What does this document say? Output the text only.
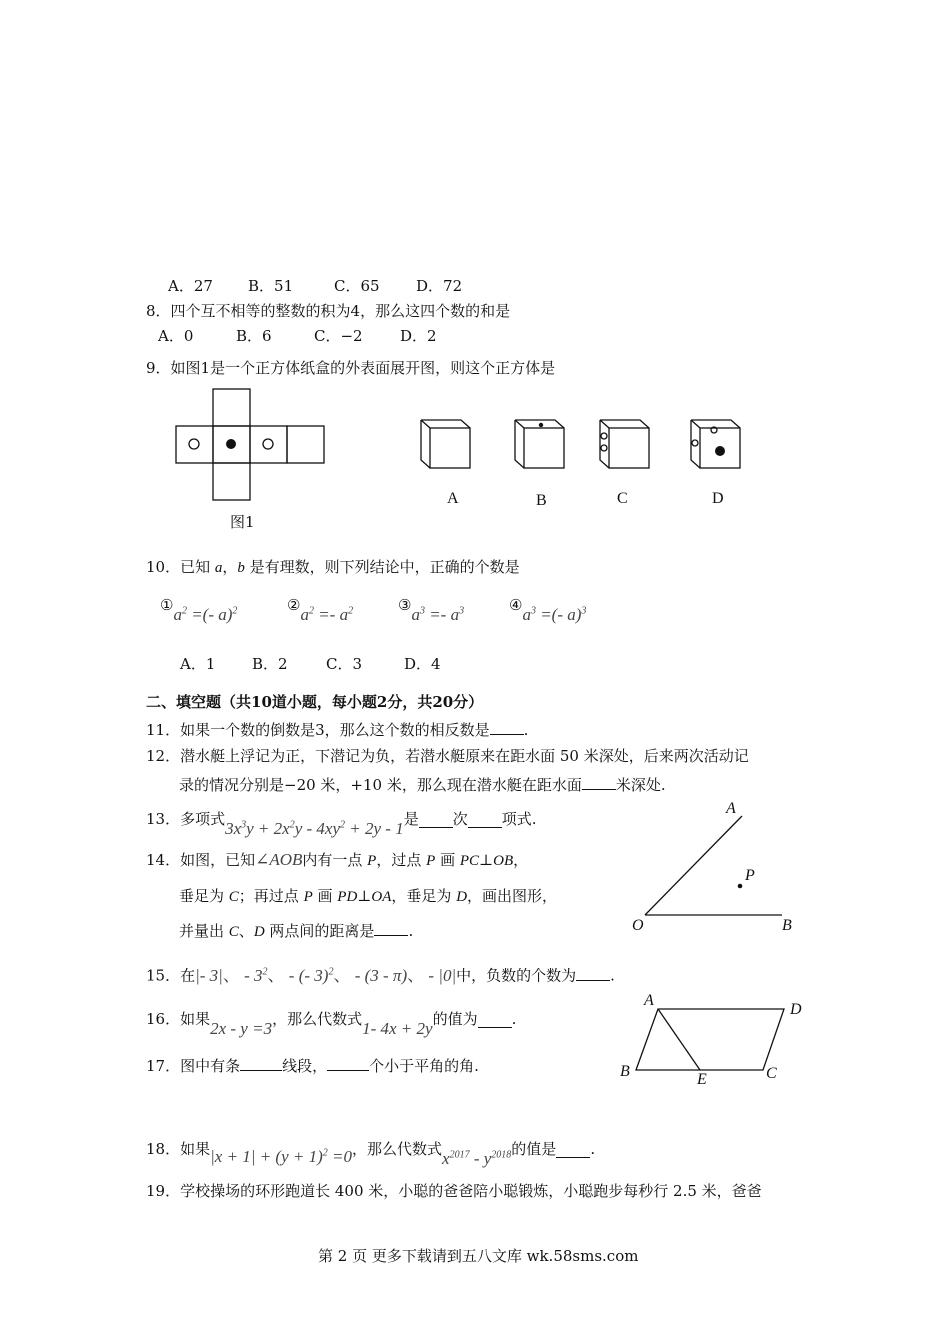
A．27 B．51	C．65 D．72
8．四个互不相等的整数的积为4，那么这四个数的和是
A．0	B．6	C．−2 D．2
9．如图1是一个正方体纸盒的外表面展开图，则这个正方体是
图1
A	B	C	D
10．已知 a，b 是有理数，则下列结论中，正确的个数是
$①a^2$ =(- a)$^2$	$②a^2 =- a^2$	$③a^3 =- a^3$	$④a^3$ =(- a)$^3$
A．1 B．2	C．3	D．4
二、填空题（共10道小题，每小题2分，共20分）
11．如果一个数的倒数是3，那么这个数的相反数是 .
12．潜水艇上浮记为正，下潜记为负，若潜水艇原来在距水面 50 米深处，后来两次活动记
录的情况分别是−20 米，+10 米，那么现在潜水艇在距水面 米深处.
13．多项式$3x^3y + 2x^2y - 4xy^2 + 2y - 1$是 次 项式.
14．如图，已知∠AOB内有一点 P，过点 P 画 PC⊥OB，
垂足为 C；再过点 P 画 PD⊥OA，垂足为 D，画出图形，
并量出 C、D 两点间的距离是 .
A
P
O	B
15．在|- 3|、 - $3^2$、 - (- 3)$^2$、 - (3 - π)、 - |0|中，负数的个数为 .
16．如果2x - y =3，那么代数式1- 4x + 2y的值为 .
17．图中有条	线段，	个小于平角的角.
A
D
B	E	C
18．如果$|x + 1| + (y + 1)^2 =0$，那么代数式$x^{2017} - y^{2018}$的值是 .
19．学校操场的环形跑道长 400 米，小聪的爸爸陪小聪锻炼，小聪跑步每秒行 2.5 米，爸爸
第 2 页 更多下载请到五八文库 wk.58sms.com
